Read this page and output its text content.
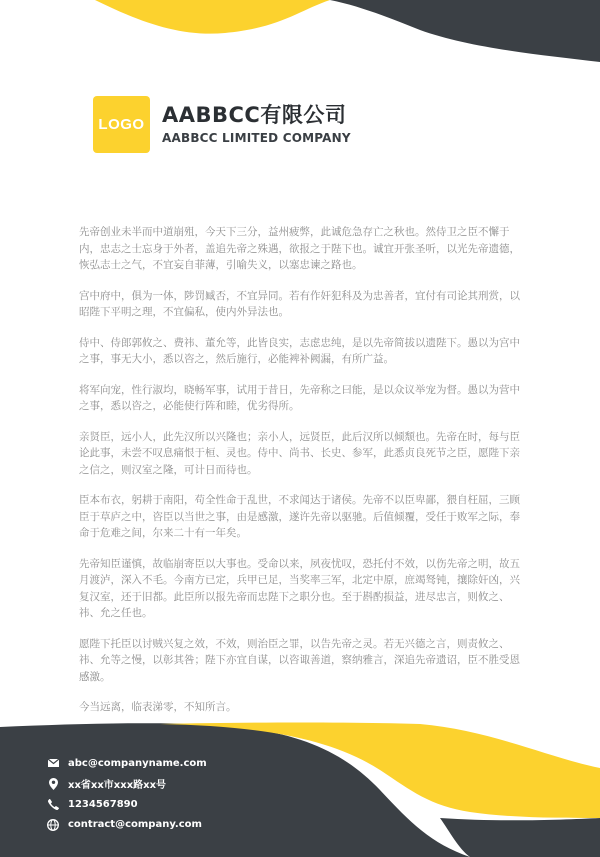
LOGO AABBCC有限公司
AABBCC LIMITED COMPANY

先帝创业未半而中道崩殂，今天下三分，益州疲弊，此诚危急存亡之秋也。然侍卫之臣不懈于内，忠志之士忘身于外者，盖追先帝之殊遇，欲报之于陛下也。诚宜开张圣听，以光先帝遗德，恢弘志士之气，不宜妄自菲薄，引喻失义，以塞忠谏之路也。

宫中府中，俱为一体，陟罚臧否，不宜异同。若有作奸犯科及为忠善者，宜付有司论其刑赏，以昭陛下平明之理，不宜偏私，使内外异法也。

侍中、侍郎郭攸之、费祎、董允等，此皆良实，志虑忠纯，是以先帝简拔以遗陛下。愚以为宫中之事，事无大小，悉以咨之，然后施行，必能裨补阙漏，有所广益。

将军向宠，性行淑均，晓畅军事，试用于昔日，先帝称之曰能，是以众议举宠为督。愚以为营中之事，悉以咨之，必能使行阵和睦，优劣得所。

亲贤臣，远小人，此先汉所以兴隆也；亲小人，远贤臣，此后汉所以倾颓也。先帝在时，每与臣论此事，未尝不叹息痛恨于桓、灵也。侍中、尚书、长史、参军，此悉贞良死节之臣，愿陛下亲之信之，则汉室之隆，可计日而待也。

臣本布衣，躬耕于南阳，苟全性命于乱世，不求闻达于诸侯。先帝不以臣卑鄙，猥自枉屈，三顾臣于草庐之中，咨臣以当世之事，由是感激，遂许先帝以驱驰。后值倾覆，受任于败军之际，奉命于危难之间，尔来二十有一年矣。

先帝知臣谨慎，故临崩寄臣以大事也。受命以来，夙夜忧叹，恐托付不效，以伤先帝之明，故五月渡泸，深入不毛。今南方已定，兵甲已足，当奖率三军，北定中原，庶竭驽钝，攘除奸凶，兴复汉室，还于旧都。此臣所以报先帝而忠陛下之职分也。至于斟酌损益，进尽忠言，则攸之、祎、允之任也。

愿陛下托臣以讨贼兴复之效，不效，则治臣之罪，以告先帝之灵。若无兴德之言，则责攸之、祎、允等之慢，以彰其咎；陛下亦宜自谋，以咨诹善道，察纳雅言，深追先帝遗诏，臣不胜受恩感激。

今当远离，临表涕零，不知所言。

abc@companyname.com
xx省xx市xxx路xx号
1234567890
contract@company.com
